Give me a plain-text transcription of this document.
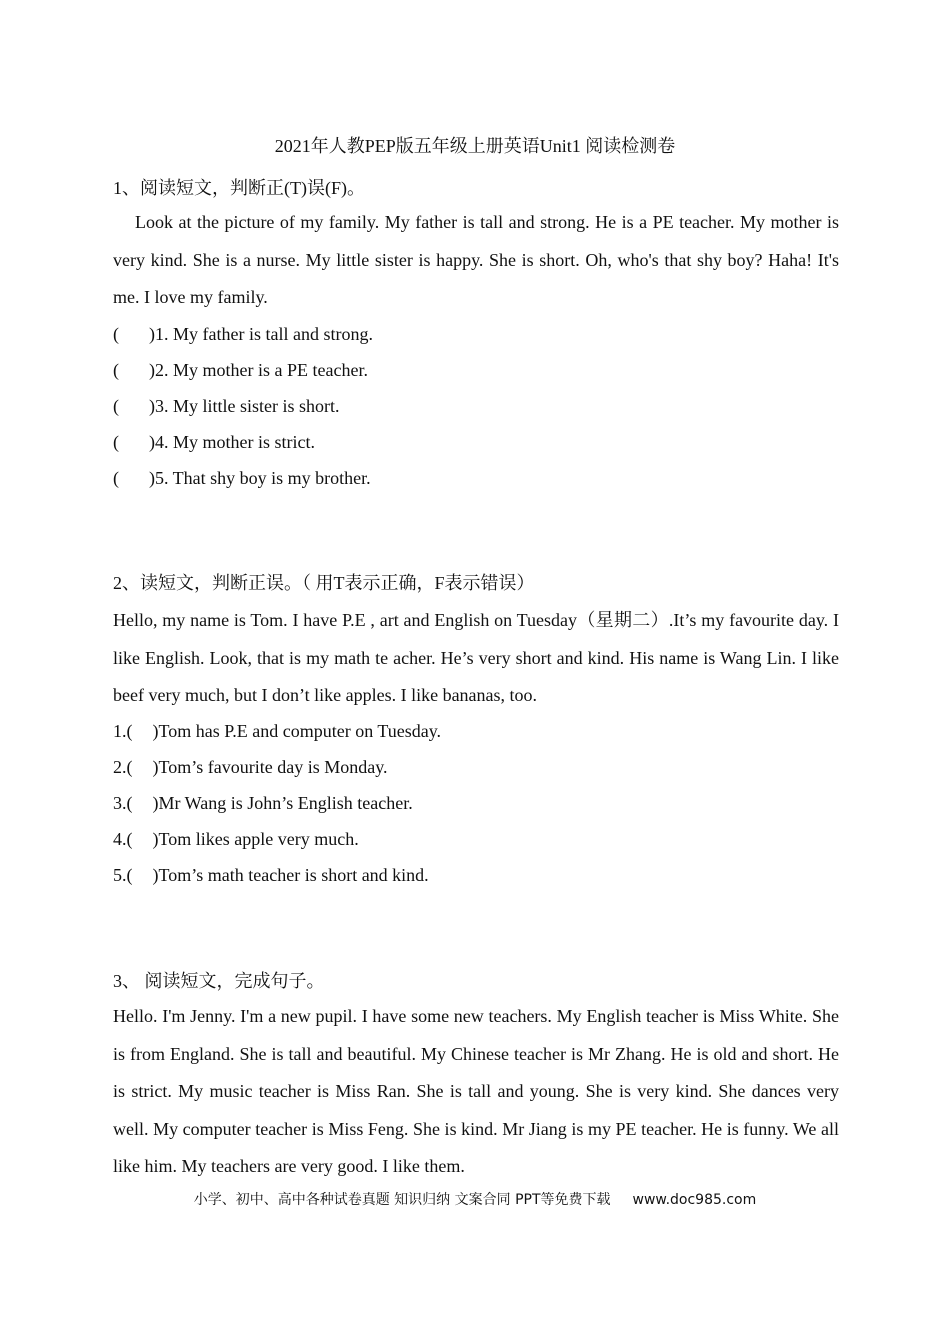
2021年人教PEP版五年级上册英语Unit1 阅读检测卷
1、阅读短文，判断正(T)误(F)。
Look at the picture of my family. My father is tall and strong. He is a PE teacher. My mother is very kind. She is a nurse. My little sister is happy. She is short. Oh, who's that shy boy? Haha! It's me. I love my family.
( )1. My father is tall and strong.
( )2. My mother is a PE teacher.
( )3. My little sister is short.
( )4. My mother is strict.
( )5. That shy boy is my brother.
2、读短文，判断正误。（ 用T表示正确，F表示错误）
Hello, my name is Tom. I have P.E , art and English on Tuesday（星期二）.It’s my favourite day. I like English. Look, that is my math te acher. He’s very short and kind. His name is Wang Lin. I like beef very much, but I don’t like apples. I like bananas, too.
1.( )Tom has P.E and computer on Tuesday.
2.( )Tom’s favourite day is Monday.
3.( )Mr Wang is John’s English teacher.
4.( )Tom likes apple very much.
5.( )Tom’s math teacher is short and kind.
3、 阅读短文，完成句子。
Hello. I'm Jenny. I'm a new pupil. I have some new teachers. My English teacher is Miss White. She is from England. She is tall and beautiful. My Chinese teacher is Mr Zhang. He is old and short. He is strict. My music teacher is Miss Ran. She is tall and young. She is very kind. She dances very well. My computer teacher is Miss Feng. She is kind. Mr Jiang is my PE teacher. He is funny. We all like him. My teachers are very good. I like them.
小学、初中、高中各种试卷真题 知识归纳 文案合同 PPT等免费下载 www.doc985.com
